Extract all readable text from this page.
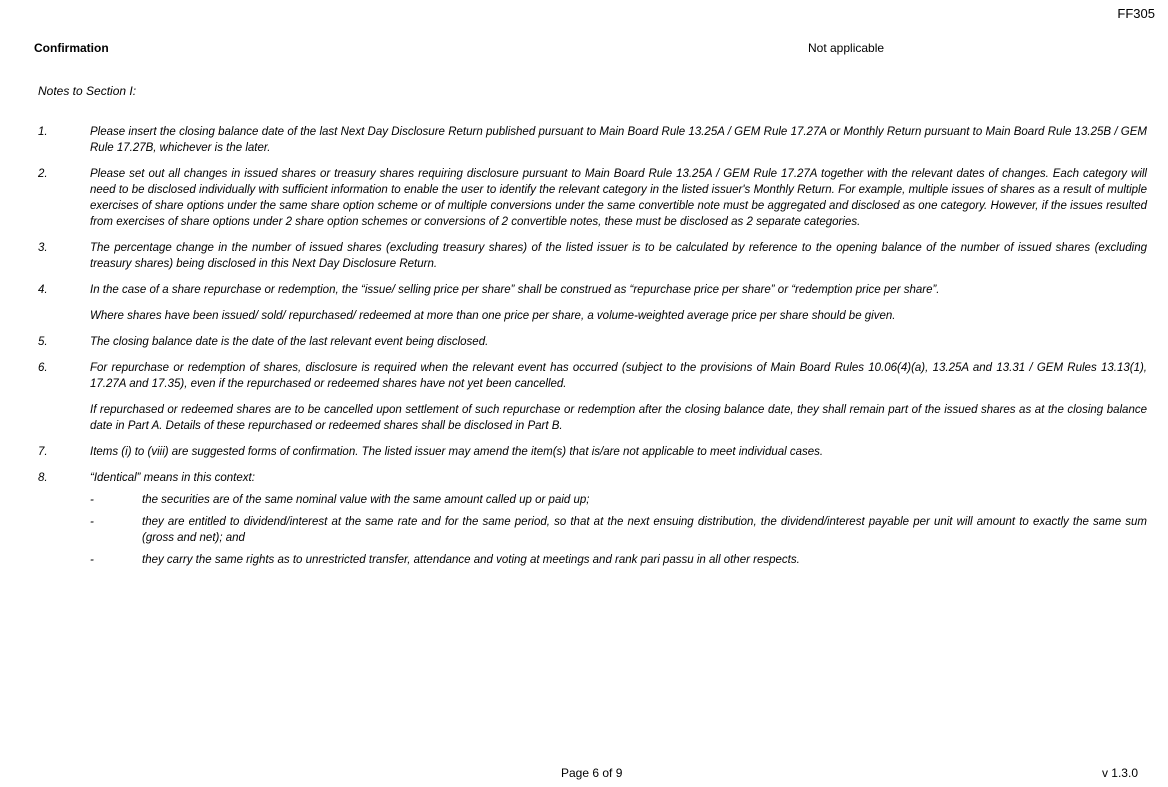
FF305
Confirmation	Not applicable
Notes to Section I:
1.	Please insert the closing balance date of the last Next Day Disclosure Return published pursuant to Main Board Rule 13.25A / GEM Rule 17.27A or Monthly Return pursuant to Main Board Rule 13.25B / GEM Rule 17.27B, whichever is the later.

2.	Please set out all changes in issued shares or treasury shares requiring disclosure pursuant to Main Board Rule 13.25A / GEM Rule 17.27A together with the relevant dates of changes. Each category will need to be disclosed individually with sufficient information to enable the user to identify the relevant category in the listed issuer's Monthly Return. For example, multiple issues of shares as a result of multiple exercises of share options under the same share option scheme or of multiple conversions under the same convertible note must be aggregated and disclosed as one category. However, if the issues resulted from exercises of share options under 2 share option schemes or conversions of 2 convertible notes, these must be disclosed as 2 separate categories.

3.	The percentage change in the number of issued shares (excluding treasury shares) of the listed issuer is to be calculated by reference to the opening balance of the number of issued shares (excluding treasury shares) being disclosed in this Next Day Disclosure Return.

4.	In the case of a share repurchase or redemption, the “issue/ selling price per share” shall be construed as “repurchase price per share” or “redemption price per share”.

Where shares have been issued/ sold/ repurchased/ redeemed at more than one price per share, a volume-weighted average price per share should be given.

5.	The closing balance date is the date of the last relevant event being disclosed.

6.	For repurchase or redemption of shares, disclosure is required when the relevant event has occurred (subject to the provisions of Main Board Rules 10.06(4)(a), 13.25A and 13.31 / GEM Rules 13.13(1), 17.27A and 17.35), even if the repurchased or redeemed shares have not yet been cancelled.

If repurchased or redeemed shares are to be cancelled upon settlement of such repurchase or redemption after the closing balance date, they shall remain part of the issued shares as at the closing balance date in Part A. Details of these repurchased or redeemed shares shall be disclosed in Part B.

7.	Items (i) to (viii) are suggested forms of confirmation. The listed issuer may amend the item(s) that is/are not applicable to meet individual cases.

8.	“Identical” means in this context:

-	the securities are of the same nominal value with the same amount called up or paid up;
-	they are entitled to dividend/interest at the same rate and for the same period, so that at the next ensuing distribution, the dividend/interest payable per unit will amount to exactly the same sum (gross and net); and
-	they carry the same rights as to unrestricted transfer, attendance and voting at meetings and rank pari passu in all other respects.
Page 6 of 9	v 1.3.0
